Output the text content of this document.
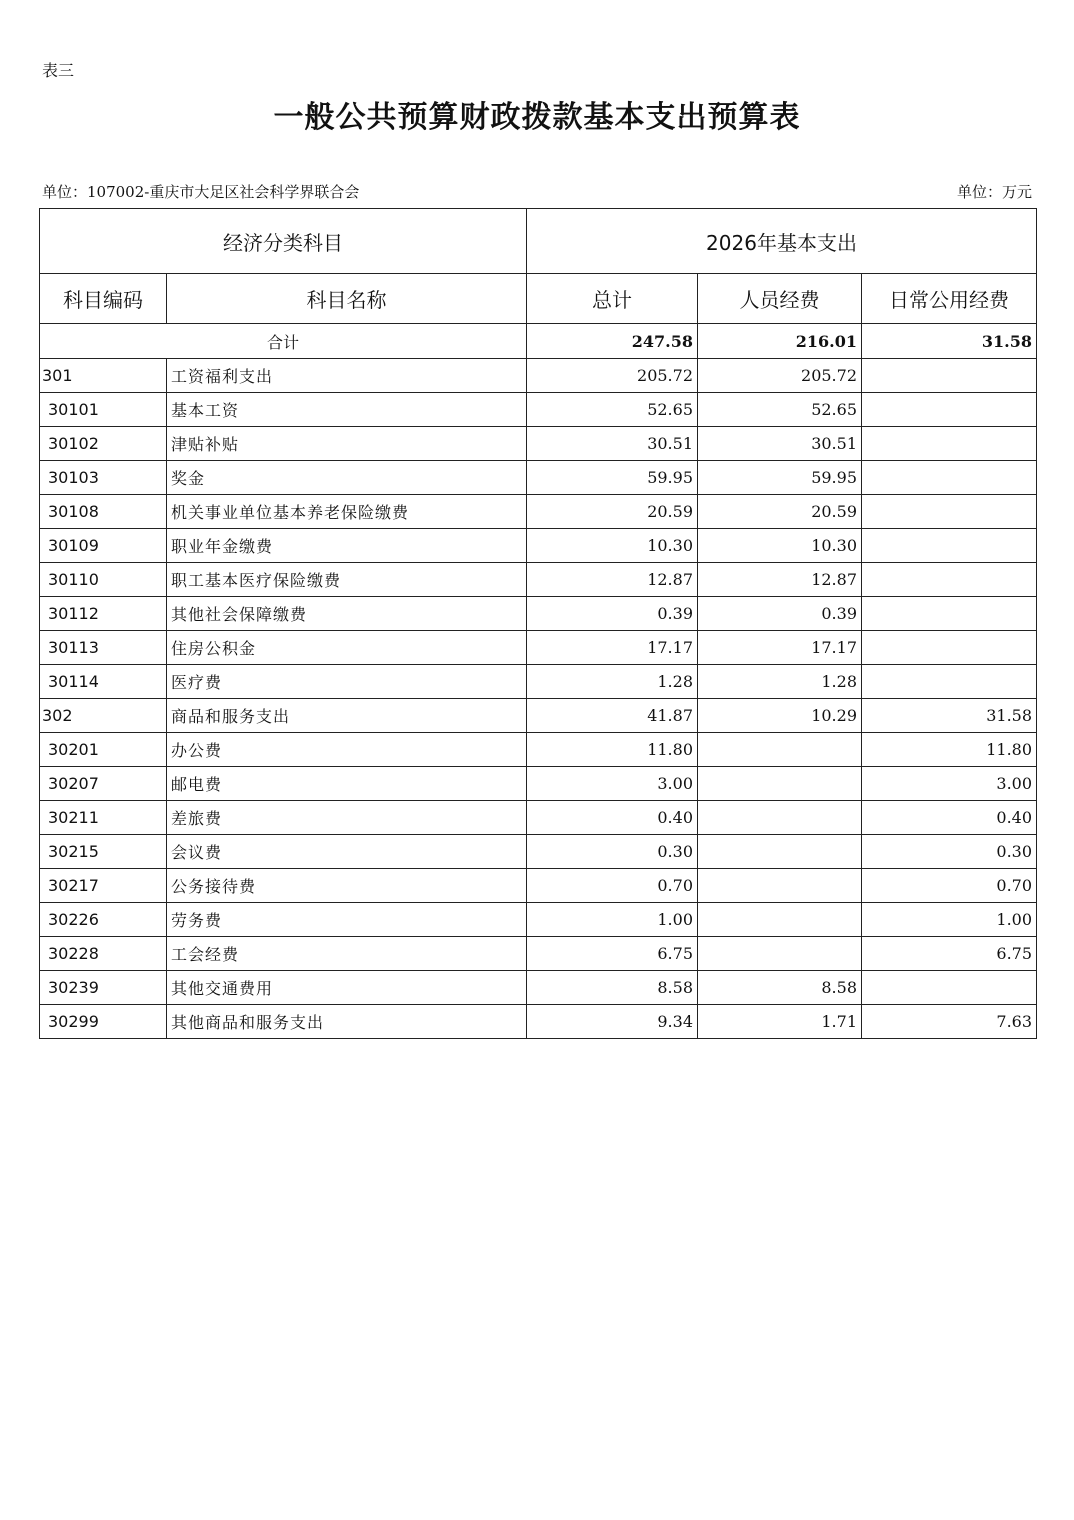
表三
一般公共预算财政拨款基本支出预算表
单位：107002-重庆市大足区社会科学界联合会	单位：万元
经济分类科目		2026年基本支出		
科目编码	科目名称	总计	人员经费	日常公用经费
合计		247.58	216.01	31.58
301	工资福利支出	205.72	205.72	
30101	基本工资	52.65	52.65	
30102	津贴补贴	30.51	30.51	
30103	奖金	59.95	59.95	
30108	机关事业单位基本养老保险缴费	20.59	20.59	
30109	职业年金缴费	10.30	10.30	
30110	职工基本医疗保险缴费	12.87	12.87	
30112	其他社会保障缴费	0.39	0.39	
30113	住房公积金	17.17	17.17	
30114	医疗费	1.28	1.28	
302	商品和服务支出	41.87	10.29	31.58
30201	办公费	11.80		11.80
30207	邮电费	3.00		3.00
30211	差旅费	0.40		0.40
30215	会议费	0.30		0.30
30217	公务接待费	0.70		0.70
30226	劳务费	1.00		1.00
30228	工会经费	6.75		6.75
30239	其他交通费用	8.58	8.58	
30299	其他商品和服务支出	9.34	1.71	7.63
